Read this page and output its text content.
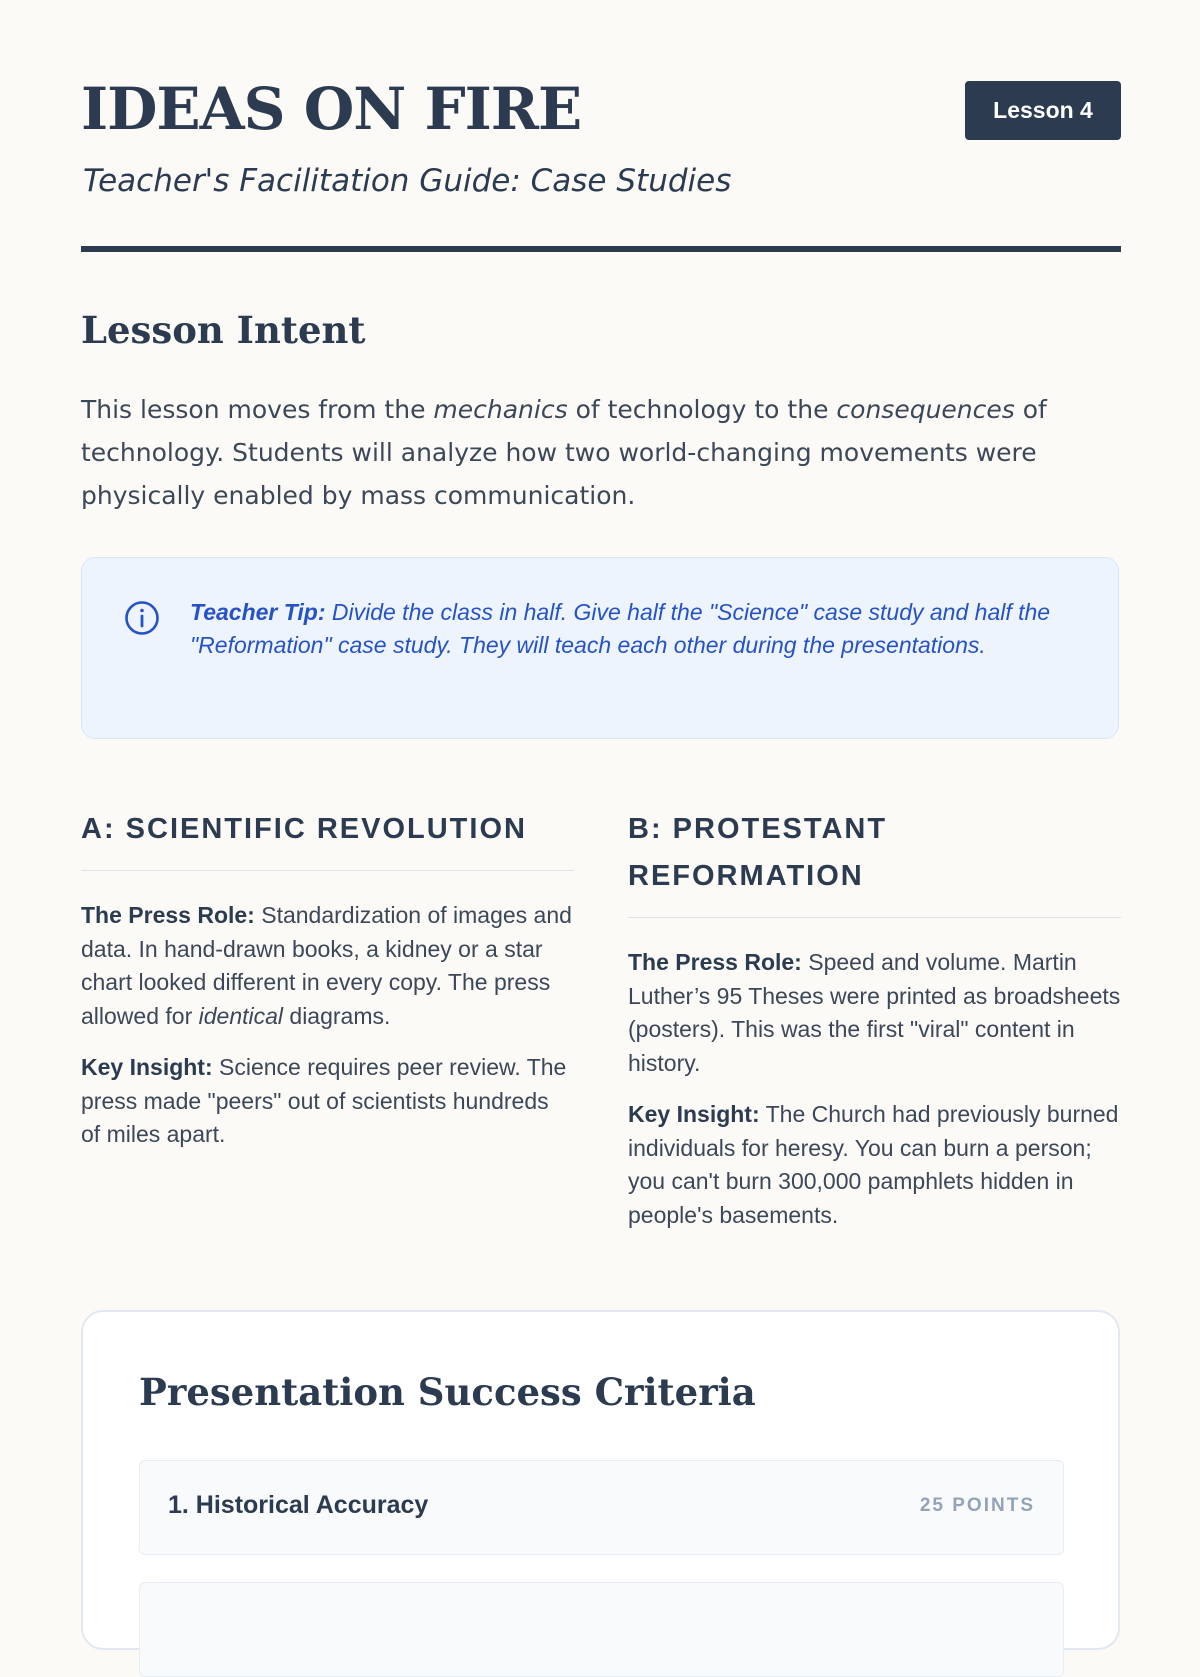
IDEAS ON FIRE
Teacher's Facilitation Guide: Case Studies
Lesson 4
Lesson Intent

This lesson moves from the mechanics of technology to the consequences of technology. Students will analyze how two world-changing movements were physically enabled by mass communication.

Teacher Tip: Divide the class in half. Give half the "Science" case study and half the "Reformation" case study. They will teach each other during the presentations.

A: SCIENTIFIC REVOLUTION

The Press Role: Standardization of images and data. In hand-drawn books, a kidney or a star chart looked different in every copy. The press allowed for identical diagrams.

Key Insight: Science requires peer review. The press made "peers" out of scientists hundreds of miles apart.

B: PROTESTANT REFORMATION

The Press Role: Speed and volume. Martin Luther’s 95 Theses were printed as broadsheets (posters). This was the first "viral" content in history.

Key Insight: The Church had previously burned individuals for heresy. You can burn a person; you can't burn 300,000 pamphlets hidden in people's basements.

Presentation Success Criteria
1. Historical Accuracy	25 POINTS
